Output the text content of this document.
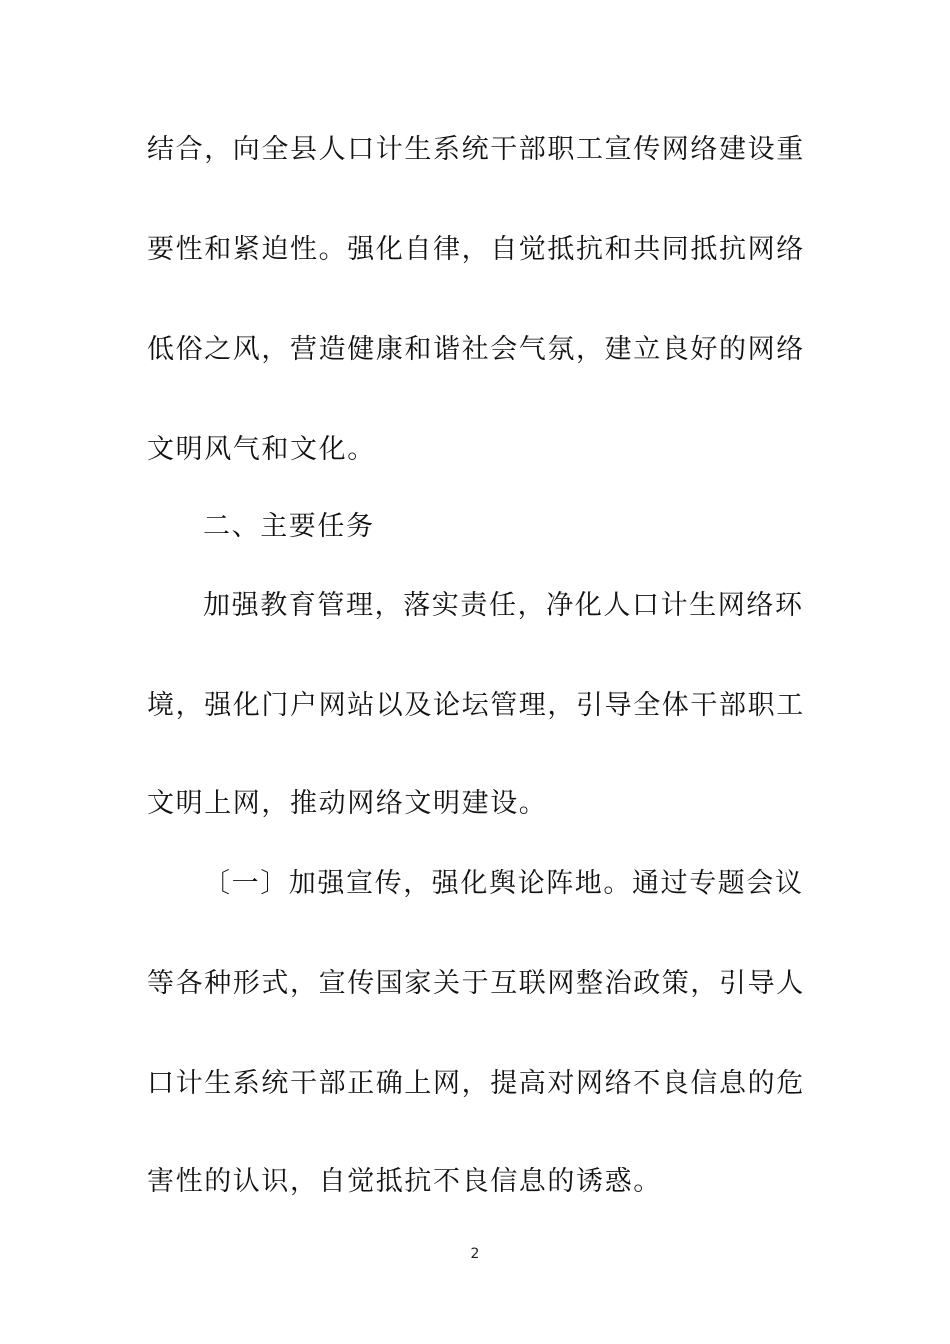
结合，向全县人口计生系统干部职工宣传网络建设重
要性和紧迫性。强化自律，自觉抵抗和共同抵抗网络
低俗之风，营造健康和谐社会气氛，建立良好的网络
文明风气和文化。
二、主要任务
加强教育管理，落实责任，净化人口计生网络环
境，强化门户网站以及论坛管理，引导全体干部职工
文明上网，推动网络文明建设。
〔一〕加强宣传，强化舆论阵地。通过专题会议
等各种形式，宣传国家关于互联网整治政策，引导人
口计生系统干部正确上网，提高对网络不良信息的危
害性的认识，自觉抵抗不良信息的诱惑。
2
